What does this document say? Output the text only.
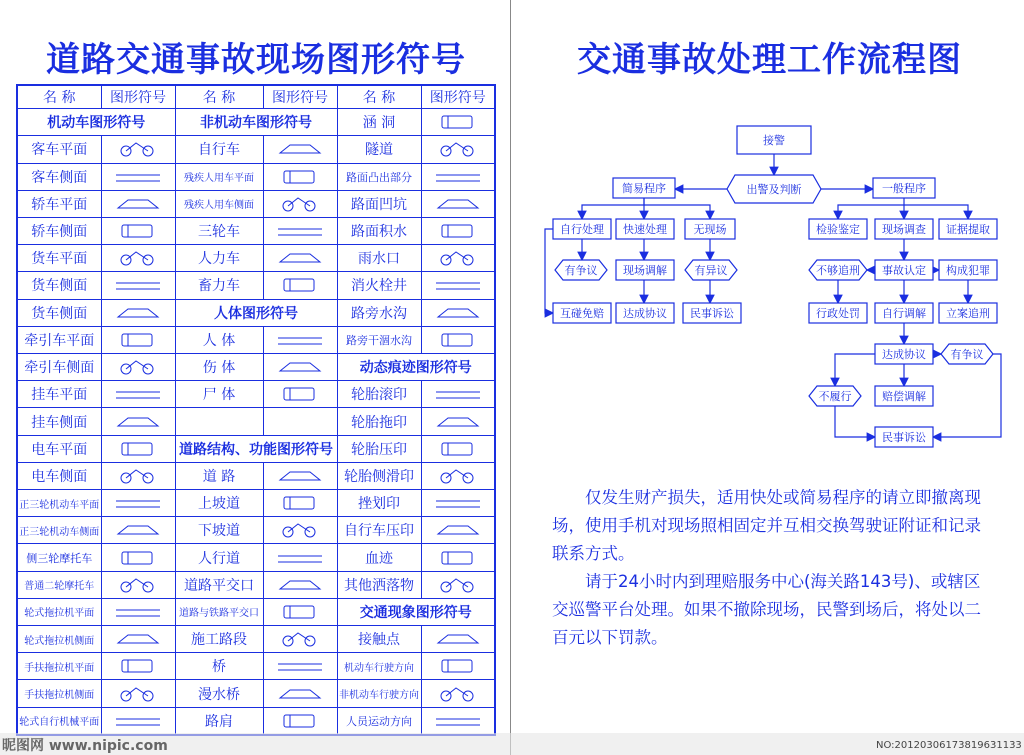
道路交通事故现场图形符号
名 称	图形符号	名 称	图形符号	名 称	图形符号
机动车图形符号		非机动车图形符号		涵 洞	

客车平面		自行车		隧道	

客车侧面		残疾人用车平面		路面凸出部分	

轿车平面		残疾人用车侧面		路面凹坑	

轿车侧面		三轮车		路面积水	

货车平面		人力车		雨水口	

货车侧面		畜力车		消火栓井	

货车侧面		人体图形符号		路旁水沟	

牵引车平面		人 体		路旁干涸水沟	

牵引车侧面		伤 体		动态痕迹图形符号	
挂车平面		尸 体		轮胎滚印	

挂车侧面				轮胎拖印	

电车平面		道路结构、功能图形符号		轮胎压印	

电车侧面		道 路		轮胎侧滑印	

正三轮机动车平面		上坡道		挫划印	

正三轮机动车侧面		下坡道		自行车压印	

侧三轮摩托车		人行道		血迹	

普通二轮摩托车		道路平交口		其他洒落物	

轮式拖拉机平面		道路与铁路平交口		交通现象图形符号	
轮式拖拉机侧面		施工路段		接触点	

手扶拖拉机平面		桥		机动车行驶方向	

手扶拖拉机侧面		漫水桥		非机动车行驶方向	

轮式自行机械平面		路肩		人员运动方向	
交通事故处理工作流程图
接警
出警及判断
简易程序	一般程序
自行处理 快速处理 无现场
有争议 现场调解	有异议
互碰免赔 达成协议 民事诉讼
检验鉴定 现场调查 证据提取
不够追刑 事故认定 构成犯罪
行政处罚 自行调解 立案追刑
达成协议 有争议
不履行	赔偿调解
民事诉讼
仅发生财产损失，适用快处或简易程序的请立即撤离现场，使用手机对现场照相固定并互相交换驾驶证附证和记录联系方式。
请于24小时内到理赔服务中心(海关路143号)、或辖区交巡警平台处理。如果不撤除现场，民警到场后，将处以二百元以下罚款。
昵图网 www.nipic.com	NO:20120306173819631133
